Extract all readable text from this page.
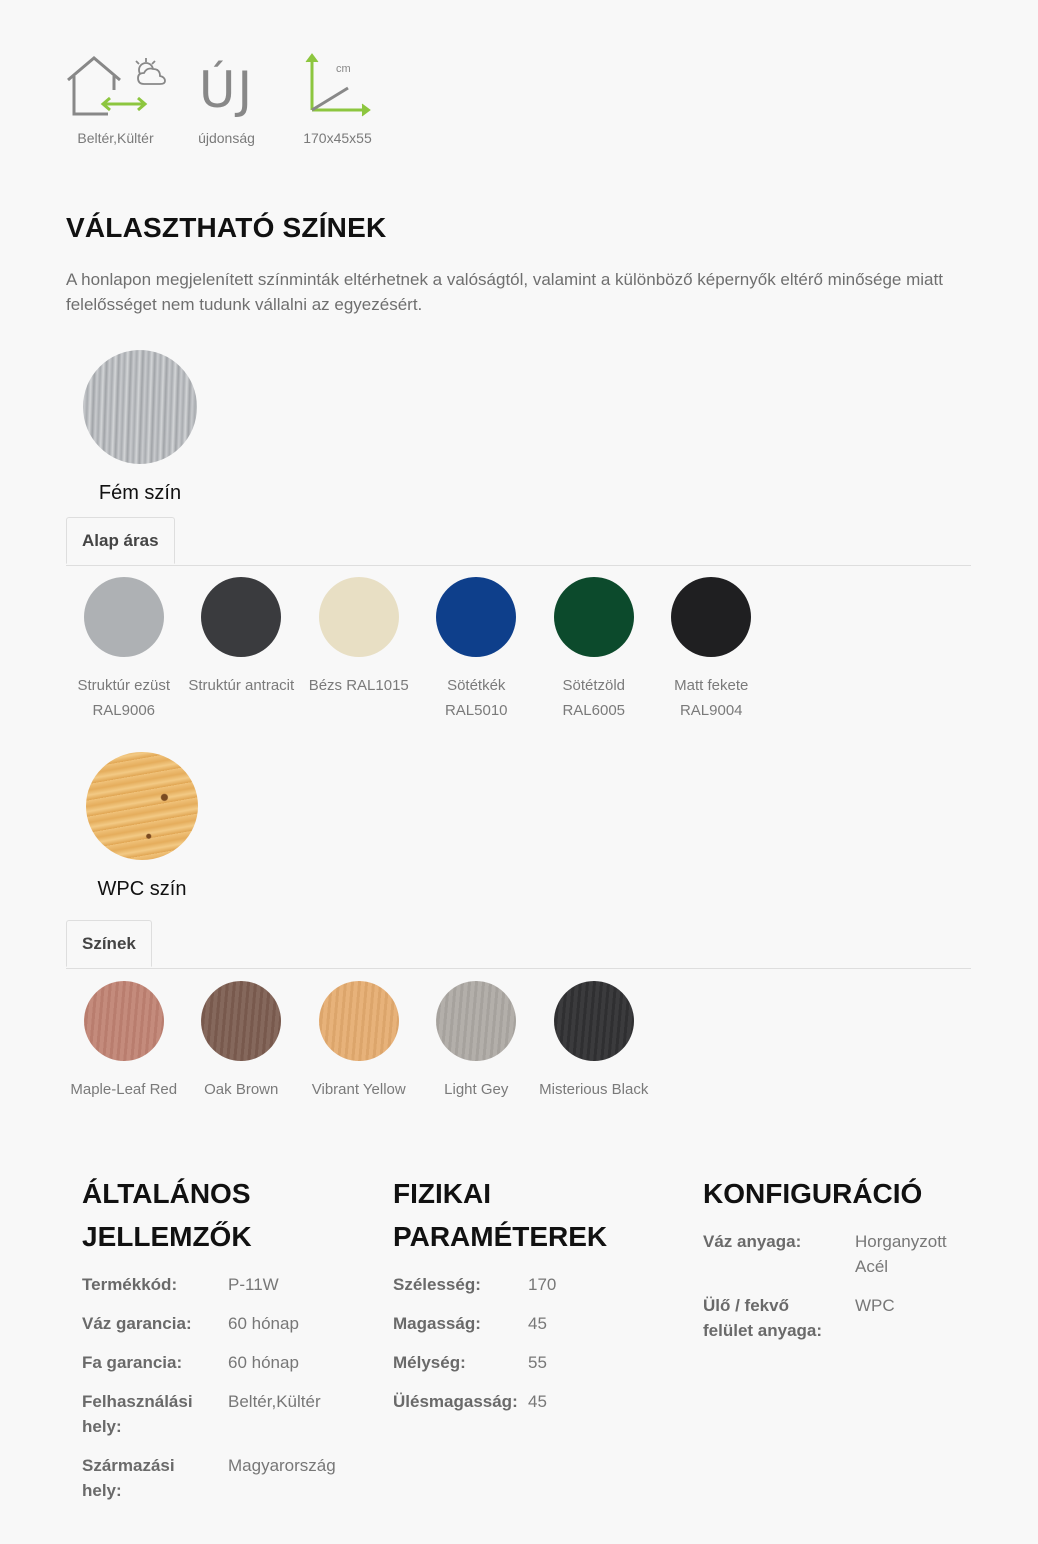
Beltér,Kültér
ÚJ
újdonság
cm
170x45x55
VÁLASZTHATÓ SZÍNEK

A honlapon megjelenített színminták eltérhetnek a valóságtól, valamint a különböző képernyők eltérő minősége miatt felelősséget nem tudunk vállalni az egyezésért.

Fém szín
Alap áras
Struktúr ezüst
RAL9006
Struktúr antracit Bézs RAL1015	Sötétkék
RAL5010
Sötétzöld
RAL6005
Matt fekete
RAL9004
WPC szín
Színek
Maple-Leaf Red	Oak Brown	Vibrant Yellow	Light Gey	Misterious Black
ÁLTALÁNOS
JELLEMZŐK
Termékkód:	P-11W
Váz garancia:	60 hónap
Fa garancia:	60 hónap
Felhasználási
hely:
Beltér,Kültér
Származási
hely:
Magyarország
FIZIKAI
PARAMÉTEREK
Szélesség:	170
Magasság:	45
Mélység:	55
Ülésmagasság: 45
KONFIGURÁCIÓ
Váz anyaga:	Horganyzott
Acél
Ülő / fekvő
felület anyaga:
WPC
